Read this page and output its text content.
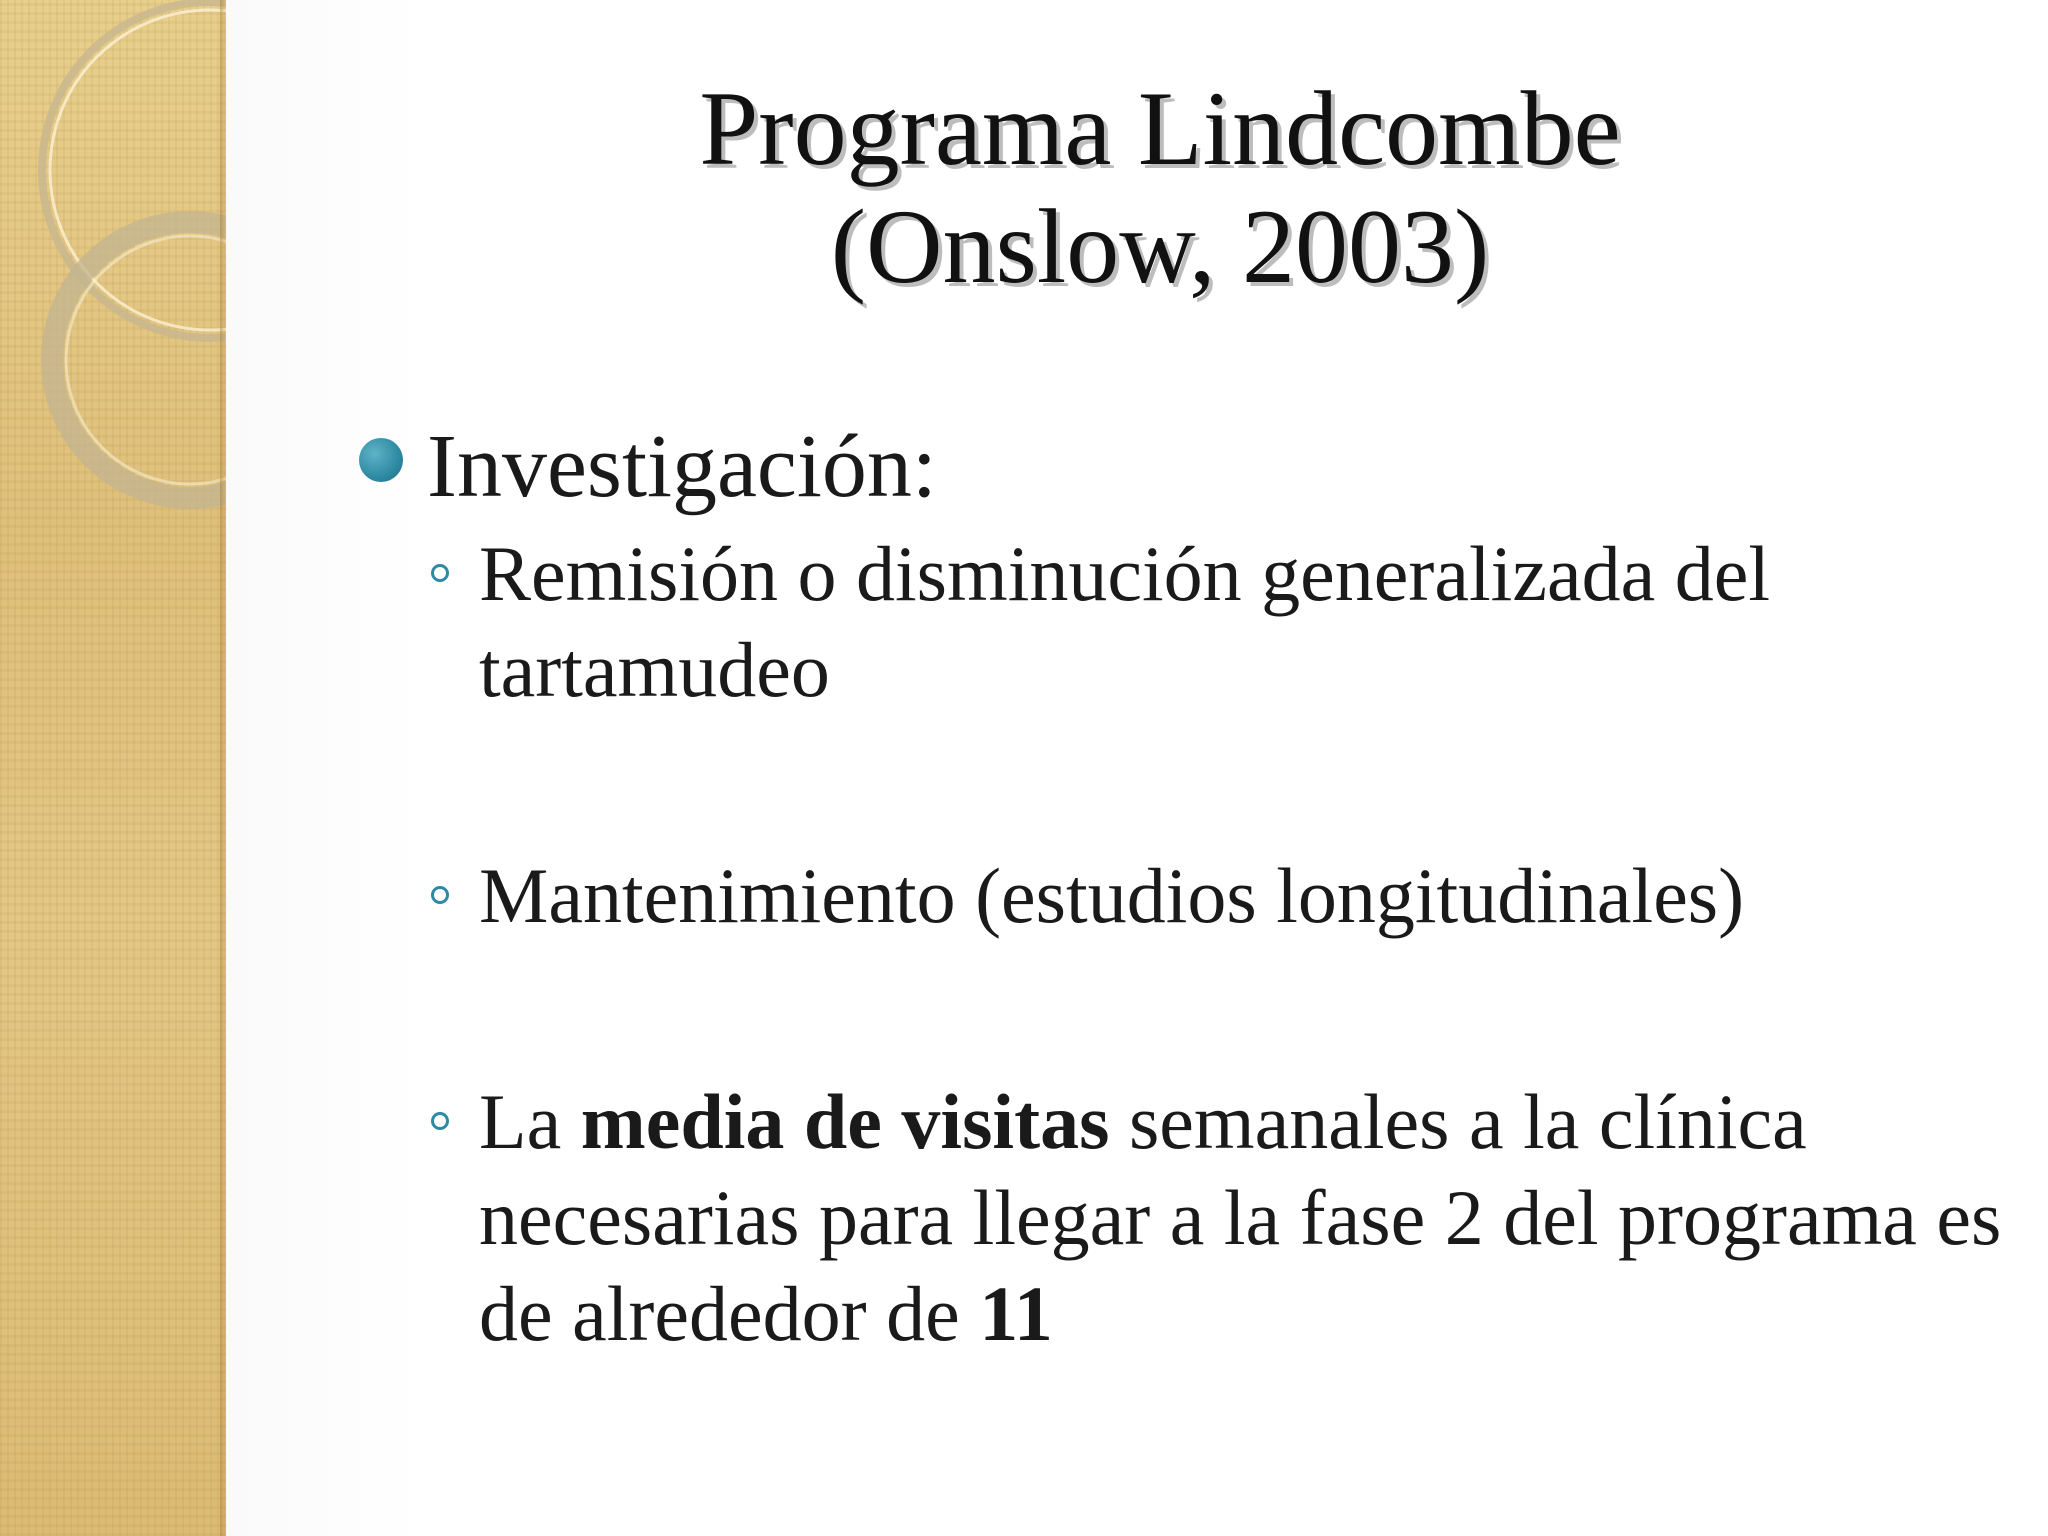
Programa Lindcombe
(Onslow, 2003)

Investigación:

Remisión o disminución generalizada del tartamudeo

Mantenimiento (estudios longitudinales)

La media de visitas semanales a la clínica necesarias para llegar a la fase 2 del programa es de alrededor de 11
